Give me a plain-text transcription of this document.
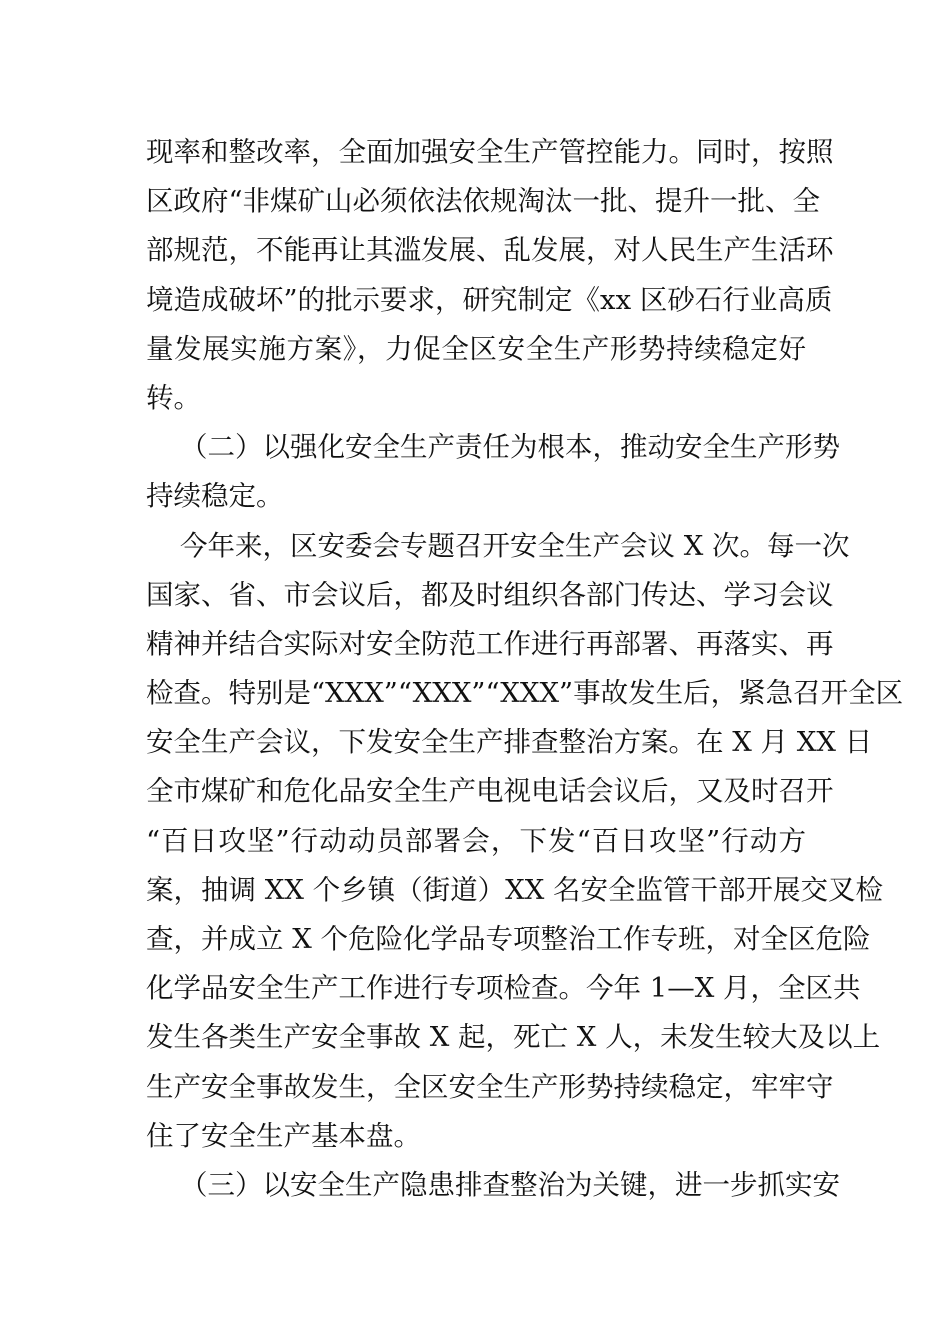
现率和整改率，全面加强安全生产管控能力。同时，按照
区政府“非煤矿山必须依法依规淘汰一批、提升一批、全
部规范，不能再让其滥发展、乱发展，对人民生产生活环
境造成破坏”的批示要求，研究制定《xx 区砂石行业高质
量发展实施方案》，力促全区安全生产形势持续稳定好
转。
（二）以强化安全生产责任为根本，推动安全生产形势
持续稳定。
今年来，区安委会专题召开安全生产会议 X 次。每一次
国家、省、市会议后，都及时组织各部门传达、学习会议
精神并结合实际对安全防范工作进行再部署、再落实、再
检查。特别是“XXX”“XXX”“XXX”事故发生后，紧急召开全区
安全生产会议，下发安全生产排查整治方案。在 X 月 XX 日
全市煤矿和危化品安全生产电视电话会议后，又及时召开
“百日攻坚”行动动员部署会，下发“百日攻坚”行动方
案，抽调 XX 个乡镇（街道）XX 名安全监管干部开展交叉检
查，并成立 X 个危险化学品专项整治工作专班，对全区危险
化学品安全生产工作进行专项检查。今年 1—X 月，全区共
发生各类生产安全事故 X 起，死亡 X 人，未发生较大及以上
生产安全事故发生，全区安全生产形势持续稳定，牢牢守
住了安全生产基本盘。
（三）以安全生产隐患排查整治为关键，进一步抓实安
